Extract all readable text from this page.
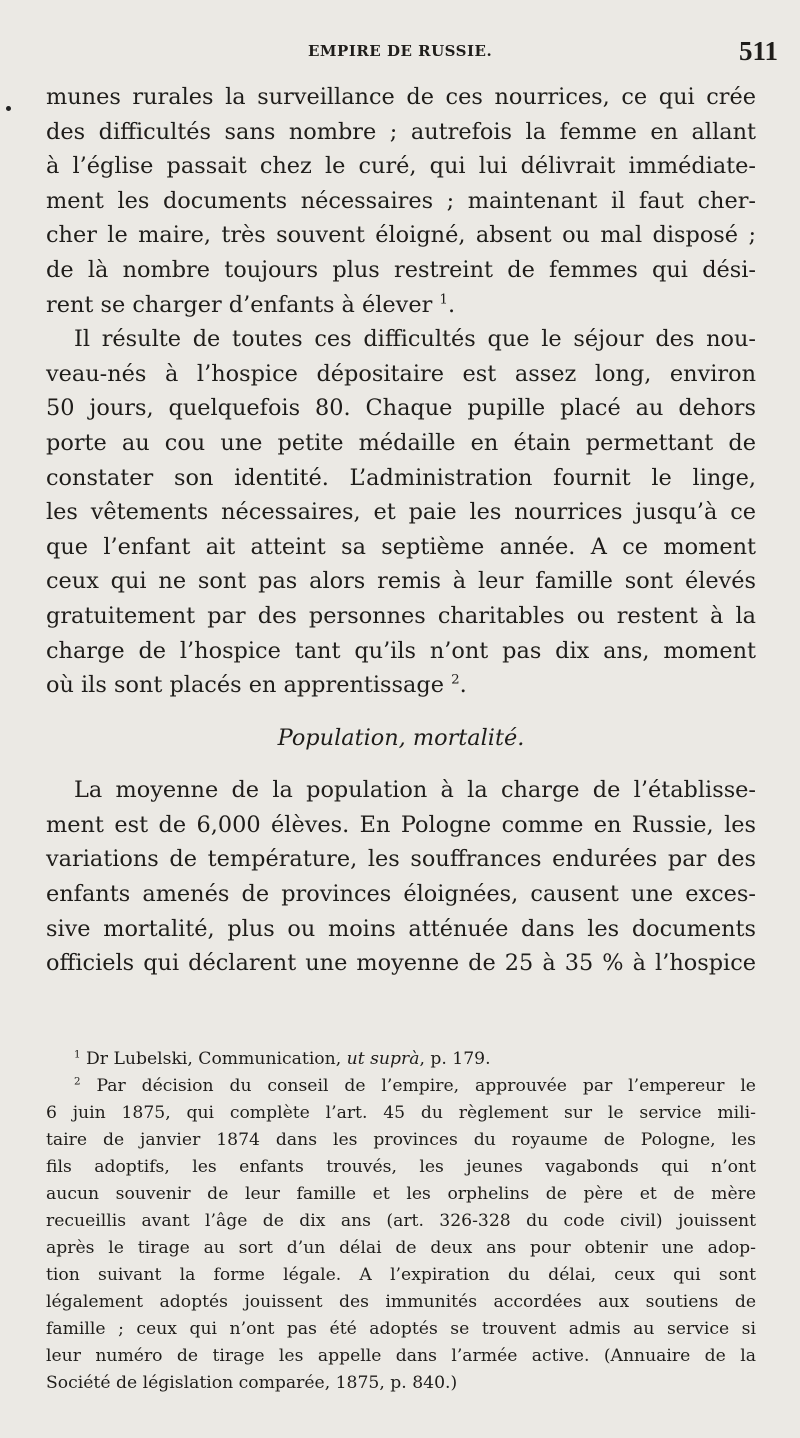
EMPIRE DE RUSSIE.	511
munes rurales la surveillance de ces nourrices, ce qui crée
des difficultés sans nombre ; autrefois la femme en allant
à l’église passait chez le curé, qui lui délivrait immédiate-
ment les documents nécessaires ; maintenant il faut cher-
cher le maire, très souvent éloigné, absent ou mal disposé ;
de là nombre toujours plus restreint de femmes qui dési-
rent se charger d’enfants à élever $^1$.
Il résulte de toutes ces difficultés que le séjour des nou-
veau-nés à l’hospice dépositaire est assez long, environ
50 jours, quelquefois 80. Chaque pupille placé au dehors
porte au cou une petite médaille en étain permettant de
constater son identité. L’administration fournit le linge,
les vêtements nécessaires, et paie les nourrices jusqu’à ce
que l’enfant ait atteint sa septième année. A ce moment
ceux qui ne sont pas alors remis à leur famille sont élevés
gratuitement par des personnes charitables ou restent à la
charge de l’hospice tant qu’ils n’ont pas dix ans, moment
où ils sont placés en apprentissage $^2$.
Population, mortalité.
La moyenne de la population à la charge de l’établisse-
ment est de 6,000 élèves. En Pologne comme en Russie, les
variations de température, les souffrances endurées par des
enfants amenés de provinces éloignées, causent une exces-
sive mortalité, plus ou moins atténuée dans les documents
officiels qui déclarent une moyenne de 25 à 35 % à l’hospice
$^1$ Dr Lubelski, Communication, ut suprà, p. 179.
$^2$ Par décision du conseil de l’empire, approuvée par l’empereur le
6 juin 1875, qui complète l’art. 45 du règlement sur le service mili-
taire de janvier 1874 dans les provinces du royaume de Pologne, les
fils adoptifs, les enfants trouvés, les jeunes vagabonds qui n’ont
aucun souvenir de leur famille et les orphelins de père et de mère
recueillis avant l’âge de dix ans (art. 326-328 du code civil) jouissent
après le tirage au sort d’un délai de deux ans pour obtenir une adop-
tion suivant la forme légale. A l’expiration du délai, ceux qui sont
légalement adoptés jouissent des immunités accordées aux soutiens de
famille ; ceux qui n’ont pas été adoptés se trouvent admis au service si
leur numéro de tirage les appelle dans l’armée active. (Annuaire de la
Société de législation comparée, 1875, p. 840.)
